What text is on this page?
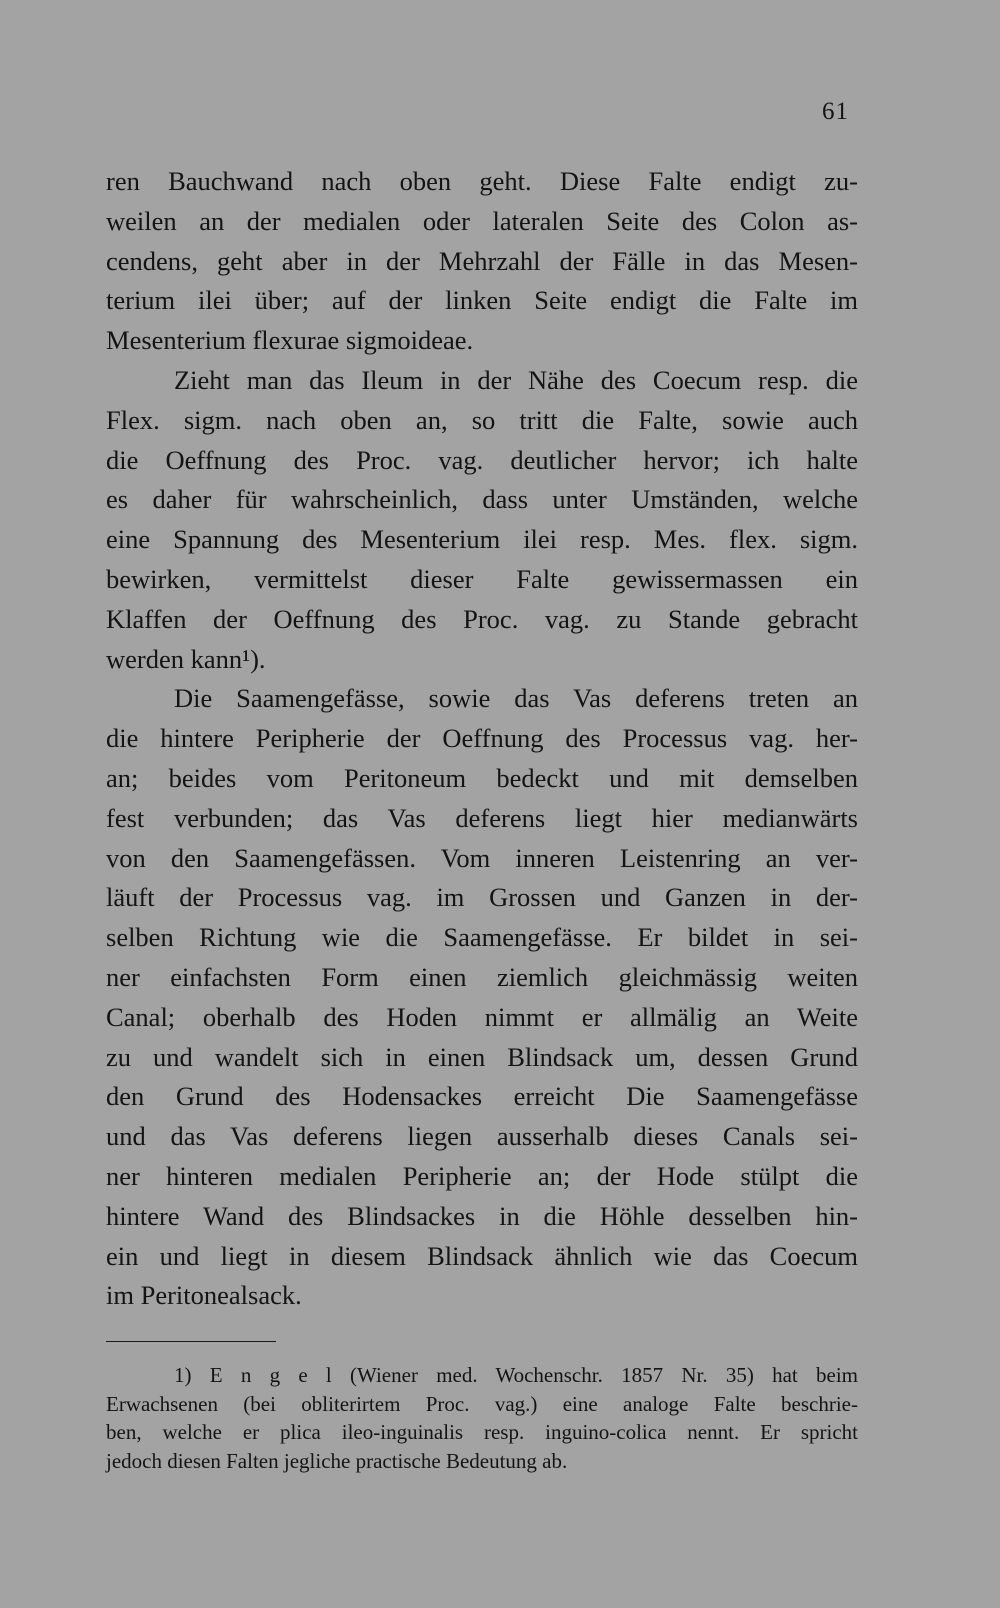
61
ren Bauchwand nach oben geht. Diese Falte endigt zu-
weilen an der medialen oder lateralen Seite des Colon as-
cendens, geht aber in der Mehrzahl der Fälle in das Mesen-
terium ilei über; auf der linken Seite endigt die Falte im
Mesenterium flexurae sigmoideae.
Zieht man das Ileum in der Nähe des Coecum resp. die
Flex. sigm. nach oben an, so tritt die Falte, sowie auch
die Oeffnung des Proc. vag. deutlicher hervor; ich halte
es daher für wahrscheinlich, dass unter Umständen, welche
eine Spannung des Mesenterium ilei resp. Mes. flex. sigm.
bewirken, vermittelst dieser Falte gewissermassen ein
Klaffen der Oeffnung des Proc. vag. zu Stande gebracht
werden kann¹).
Die Saamengefässe, sowie das Vas deferens treten an
die hintere Peripherie der Oeffnung des Processus vag. her-
an; beides vom Peritoneum bedeckt und mit demselben
fest verbunden; das Vas deferens liegt hier medianwärts
von den Saamengefässen. Vom inneren Leistenring an ver-
läuft der Processus vag. im Grossen und Ganzen in der-
selben Richtung wie die Saamengefässe. Er bildet in sei-
ner einfachsten Form einen ziemlich gleichmässig weiten
Canal; oberhalb des Hoden nimmt er allmälig an Weite
zu und wandelt sich in einen Blindsack um, dessen Grund
den Grund des Hodensackes erreicht Die Saamengefässe
und das Vas deferens liegen ausserhalb dieses Canals sei-
ner hinteren medialen Peripherie an; der Hode stülpt die
hintere Wand des Blindsackes in die Höhle desselben hin-
ein und liegt in diesem Blindsack ähnlich wie das Coecum
im Peritonealsack.
1) E n g e l (Wiener med. Wochenschr. 1857 Nr. 35) hat beim
Erwachsenen (bei obliterirtem Proc. vag.) eine analoge Falte beschrie-
ben, welche er plica ileo-inguinalis resp. inguino-colica nennt. Er spricht
jedoch diesen Falten jegliche practische Bedeutung ab.
